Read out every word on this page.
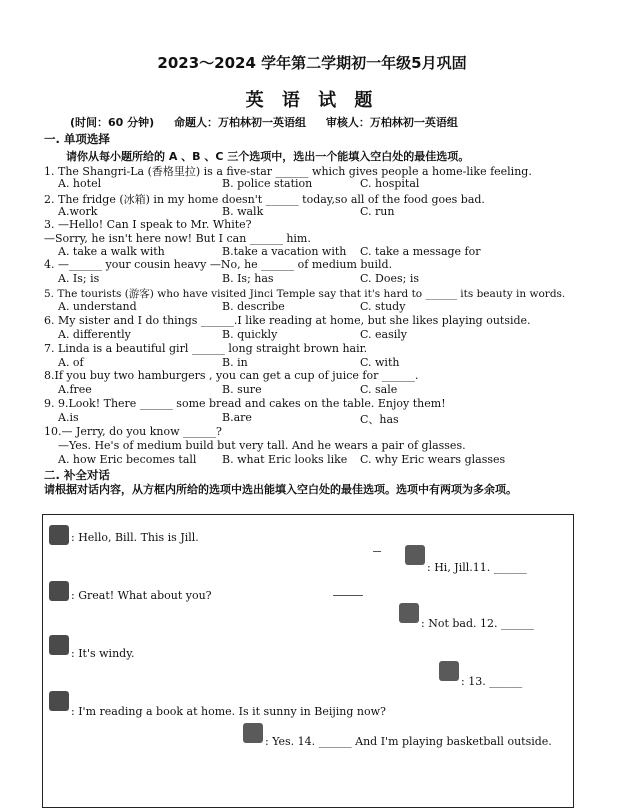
2023～2024 学年第二学期初一年级5月巩固
英 语 试 题
(时间：60 分钟) 命题人：万柏林初一英语组 审核人：万柏林初一英语组
一. 单项选择
请你从每小题所给的 A 、B 、C 三个选项中，选出一个能填入空白处的最佳选项。
1. The Shangri-La (香格里拉) is a five-star ______ which gives people a home-like feeling.
A. hotel	B. police station	C. hospital
2. The fridge (冰箱) in my home doesn't ______ today,so all of the food goes bad.
A.work	B. walk	C. run
3. —Hello! Can I speak to Mr. White?
—Sorry, he isn't here now! But I can ______ him.
A. take a walk with	B.take a vacation with C. take a message for
4. —______ your cousin heavy —No, he ______ of medium build.
A. Is; is	B. Is; has	C. Does; is
5. The tourists (游客) who have visited Jinci Temple say that it's hard to ______ its beauty in words.
A. understand	B. describe	C. study
6. My sister and I do things ______.I like reading at home, but she likes playing outside.
A. differently	B. quickly	C. easily
7. Linda is a beautiful girl ______ long straight brown hair.
A. of	B. in	C. with
8.If you buy two hamburgers , you can get a cup of juice for ______.
A.free	B. sure	C. sale
9. 9.Look! There ______ some bread and cakes on the table. Enjoy them!
A.is	B.are	C、has
10.— Jerry, do you know ______?
—Yes. He's of medium build but very tall. And he wears a pair of glasses.
A. how Eric becomes tall B. what Eric looks like C. why Eric wears glasses
二. 补全对话
请根据对话内容，从方框内所给的选项中选出能填入空白处的最佳选项。选项中有两项为多余项。
: Hello, Bill. This is Jill.
: Hi, Jill.11. ______
: Great! What about you?
: Not bad. 12. ______
: It's windy.
: 13. ______
: I'm reading a book at home. Is it sunny in Beijing now?
: Yes. 14. ______ And I'm playing basketball outside.
